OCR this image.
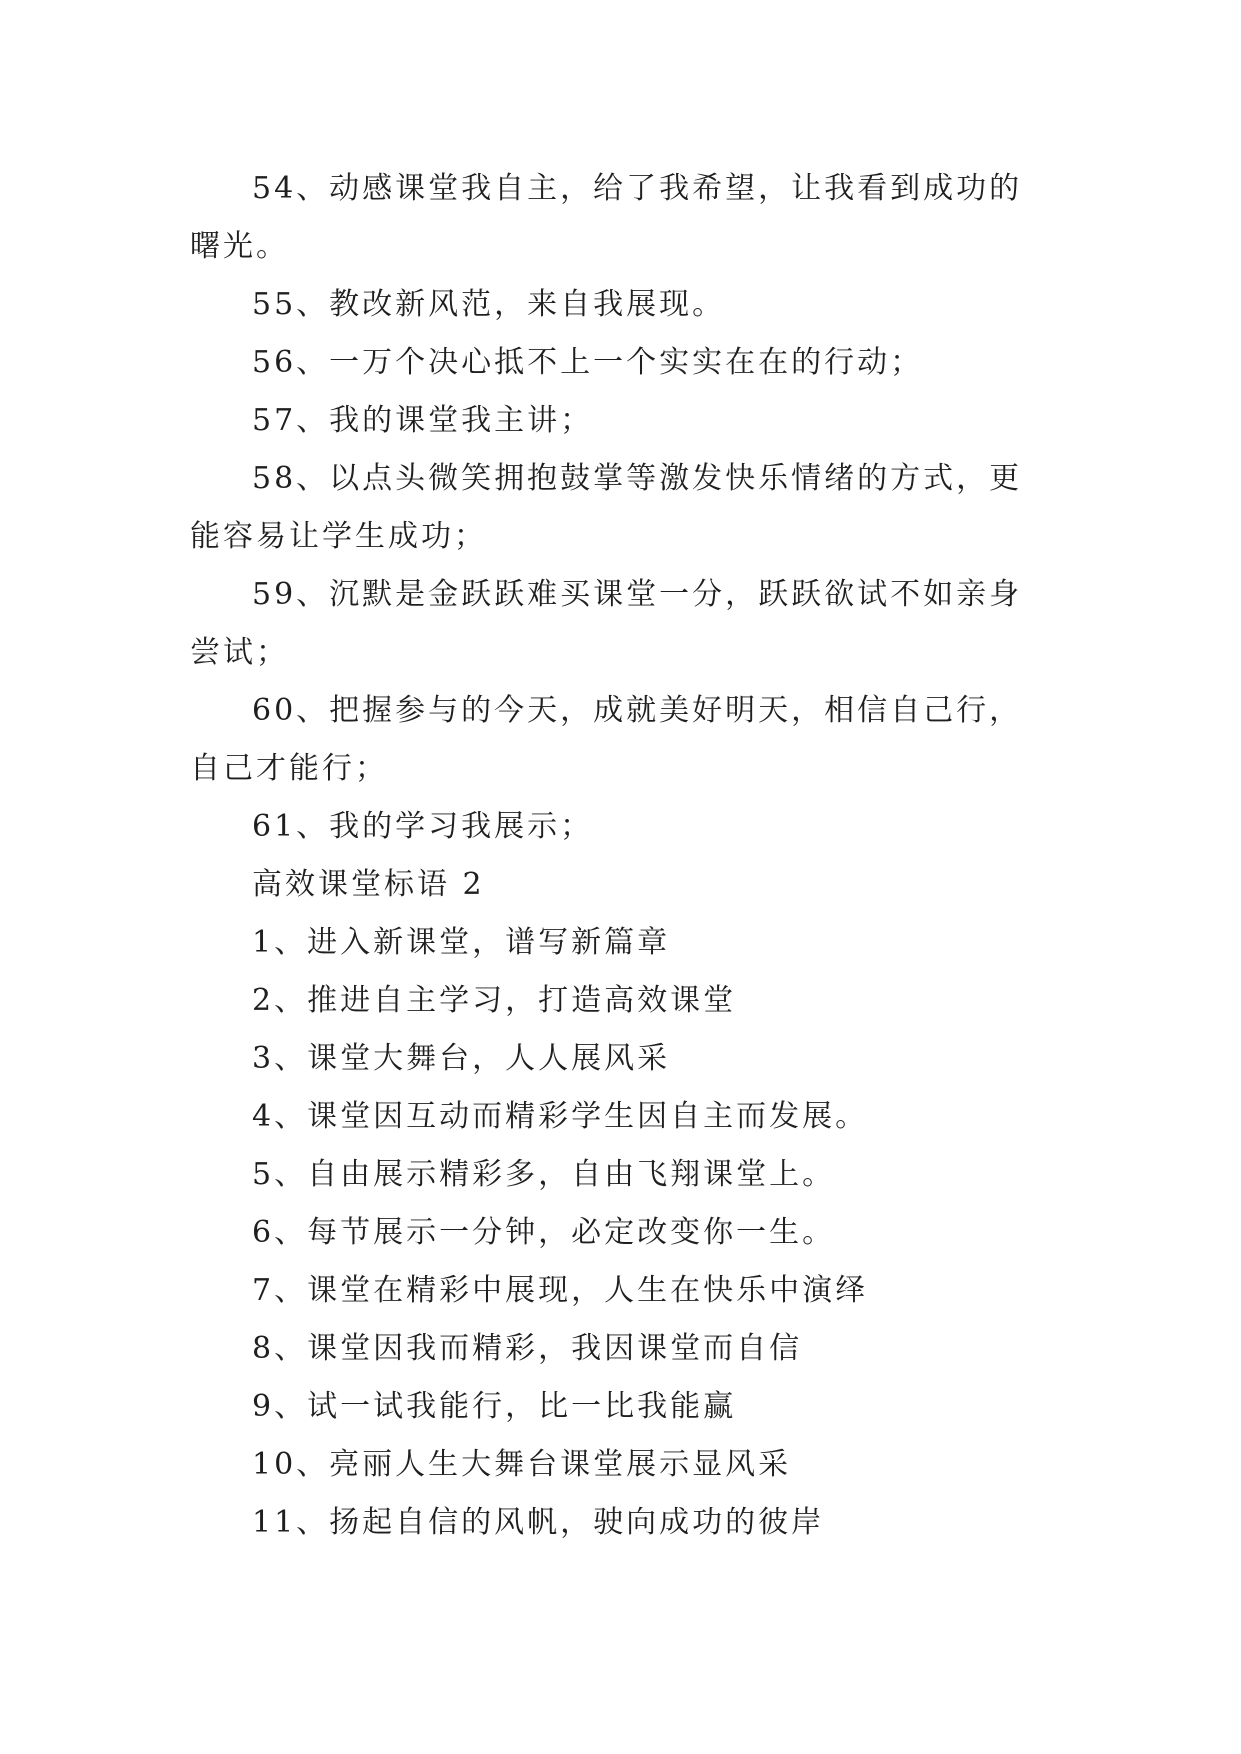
54、动感课堂我自主，给了我希望，让我看到成功的曙光。

55、教改新风范，来自我展现。

56、一万个决心抵不上一个实实在在的行动；

57、我的课堂我主讲；

58、以点头微笑拥抱鼓掌等激发快乐情绪的方式，更能容易让学生成功；

59、沉默是金跃跃难买课堂一分，跃跃欲试不如亲身尝试；

60、把握参与的今天，成就美好明天，相信自己行，自己才能行；

61、我的学习我展示；

高效课堂标语 2

1、进入新课堂，谱写新篇章

2、推进自主学习，打造高效课堂

3、课堂大舞台，人人展风采

4、课堂因互动而精彩学生因自主而发展。

5、自由展示精彩多，自由飞翔课堂上。

6、每节展示一分钟，必定改变你一生。

7、课堂在精彩中展现，人生在快乐中演绎

8、课堂因我而精彩，我因课堂而自信

9、试一试我能行，比一比我能赢

10、亮丽人生大舞台课堂展示显风采

11、扬起自信的风帆，驶向成功的彼岸
